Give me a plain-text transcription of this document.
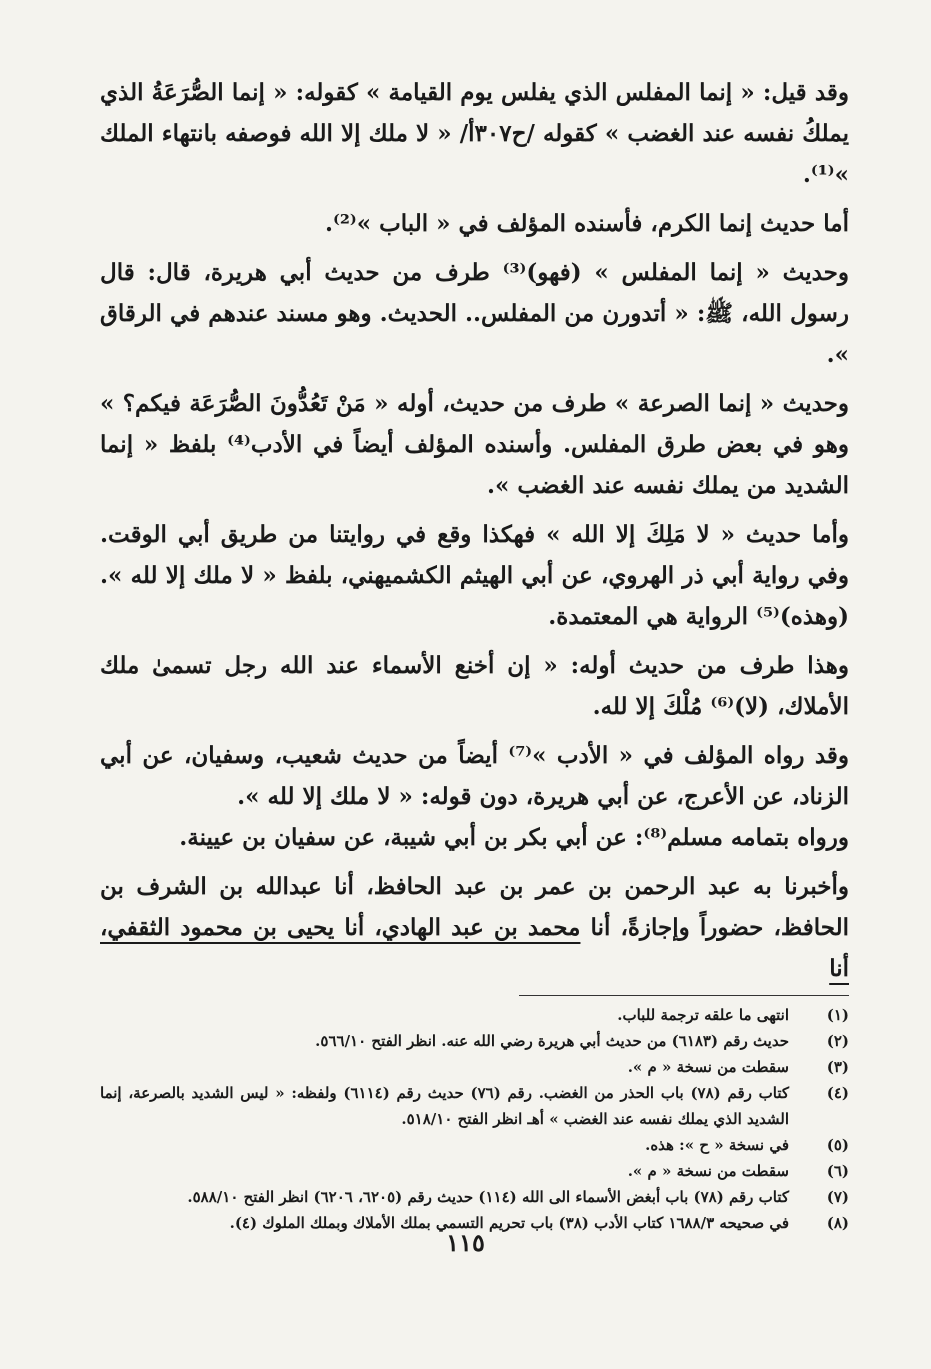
وقد قيل: « إنما المفلس الذي يفلس يوم القيامة » كقوله: « إنما الصُّرَعَةُ الذي يملكُ نفسه عند الغضب » كقوله /ح٣٠٧أ/ « لا ملك إلا الله فوصفه بانتهاء الملك »⁽¹⁾.

أما حديث إنما الكرم، فأسنده المؤلف في « الباب »⁽²⁾.

وحديث « إنما المفلس » (فهو)⁽³⁾ طرف من حديث أبي هريرة، قال: قال رسول الله، ﷺ: « أتدورن من المفلس.. الحديث. وهو مسند عندهم في الرقاق ».

وحديث « إنما الصرعة » طرف من حديث، أوله « مَنْ تَعُدُّونَ الصُّرَعَة فيكم؟ » وهو في بعض طرق المفلس. وأسنده المؤلف أيضاً في الأدب⁽⁴⁾ بلفظ « إنما الشديد من يملك نفسه عند الغضب ».

وأما حديث « لا مَلِكَ إلا الله » فهكذا وقع في روايتنا من طريق أبي الوقت. وفي رواية أبي ذر الهروي، عن أبي الهيثم الكشميهني، بلفظ « لا ملك إلا لله ». (وهذه)⁽⁵⁾ الرواية هي المعتمدة.

وهذا طرف من حديث أوله: « إن أخنع الأسماء عند الله رجل تسمىٰ ملك الأملاك، (لا)⁽⁶⁾ مُلْكَ إلا لله.

وقد رواه المؤلف في « الأدب »⁽⁷⁾ أيضاً من حديث شعيب، وسفيان، عن أبي الزناد، عن الأعرج، عن أبي هريرة، دون قوله: « لا ملك إلا لله ».

ورواه بتمامه مسلم⁽⁸⁾: عن أبي بكر بن أبي شيبة، عن سفيان بن عيينة.

وأخبرنا به عبد الرحمن بن عمر بن عبد الحافظ، أنا عبدالله بن الشرف بن الحافظ، حضوراً وإجازةً، أنا محمد بن عبد الهادي، أنا يحيى بن محمود الثقفي، أنا

(١)
انتهى ما علقه ترجمة للباب.
(٢)
حديث رقم (٦١٨٣) من حديث أبي هريرة رضي الله عنه. انظر الفتح ٥٦٦/١٠.
(٣)
سقطت من نسخة « م ».
(٤)
كتاب رقم (٧٨) باب الحذر من الغضب. رقم (٧٦) حديث رقم (٦١١٤) ولفظه: « ليس الشديد بالصرعة، إنما الشديد الذي يملك نفسه عند الغضب » أهـ انظر الفتح ٥١٨/١٠.
(٥)
في نسخة « ح »: هذه.
(٦)
سقطت من نسخة « م ».
(٧)
كتاب رقم (٧٨) باب أبغض الأسماء الى الله (١١٤) حديث رقم (٦٢٠٥، ٦٢٠٦) انظر الفتح ٥٨٨/١٠.
(٨)
في صحيحه ١٦٨٨/٣ كتاب الأدب (٣٨) باب تحريم التسمي بملك الأملاك وبملك الملوك (٤).
١١٥
